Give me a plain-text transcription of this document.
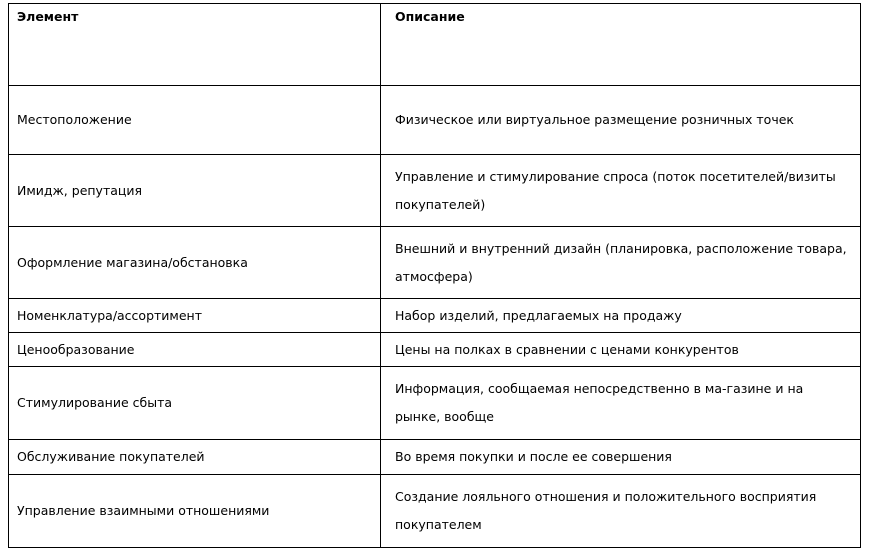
Элемент	Описание
Местоположение	Физическое или виртуальное размещение розничных точек
Имидж, репутация	Управление и стимулирование спроса (поток посетителей/визиты покупателей)
Оформление магазина/обстановка	Внешний и внутренний дизайн (планировка, расположение товара, атмосфера)
Номенклатура/ассортимент	Набор изделий, предлагаемых на продажу
Ценообразование	Цены на полках в сравнении с ценами конкурентов
Стимулирование сбыта	Информация, сообщаемая непосредственно в ма-газине и на рынке, вообще
Обслуживание покупателей	Во время покупки и после ее совершения
Управление взаимными отношениями	Создание лояльного отношения и положительного восприятия покупателем
